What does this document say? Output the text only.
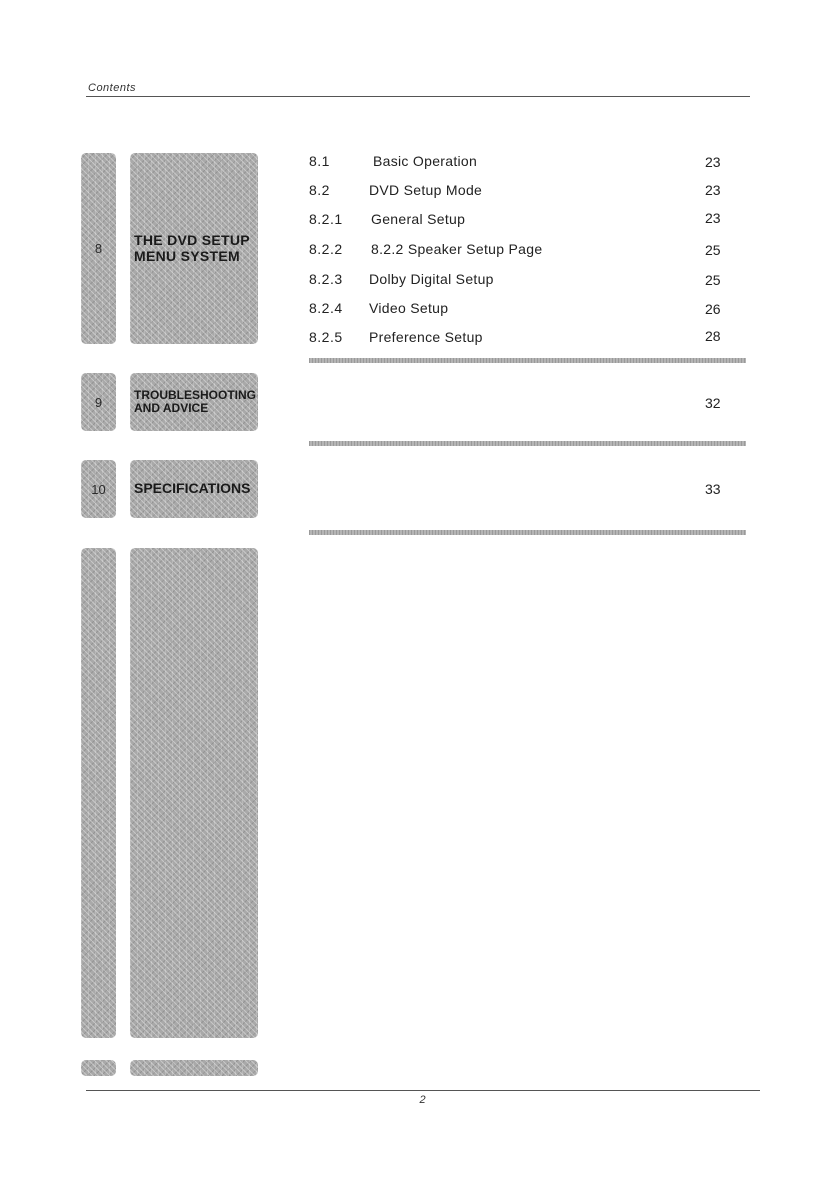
Contents
8
THE DVD SETUP
MENU SYSTEM
8.1	Basic Operation	23
8.2	DVD Setup Mode	23
8.2.1 General Setup	23
8.2.2 8.2.2 Speaker Setup Page	25
8.2.3 Dolby Digital Setup	25
8.2.4 Video Setup	26
8.2.5 Preference Setup	28
9	TROUBLESHOOTING
AND ADVICE	32
10 SPECIFICATIONS	33
2
